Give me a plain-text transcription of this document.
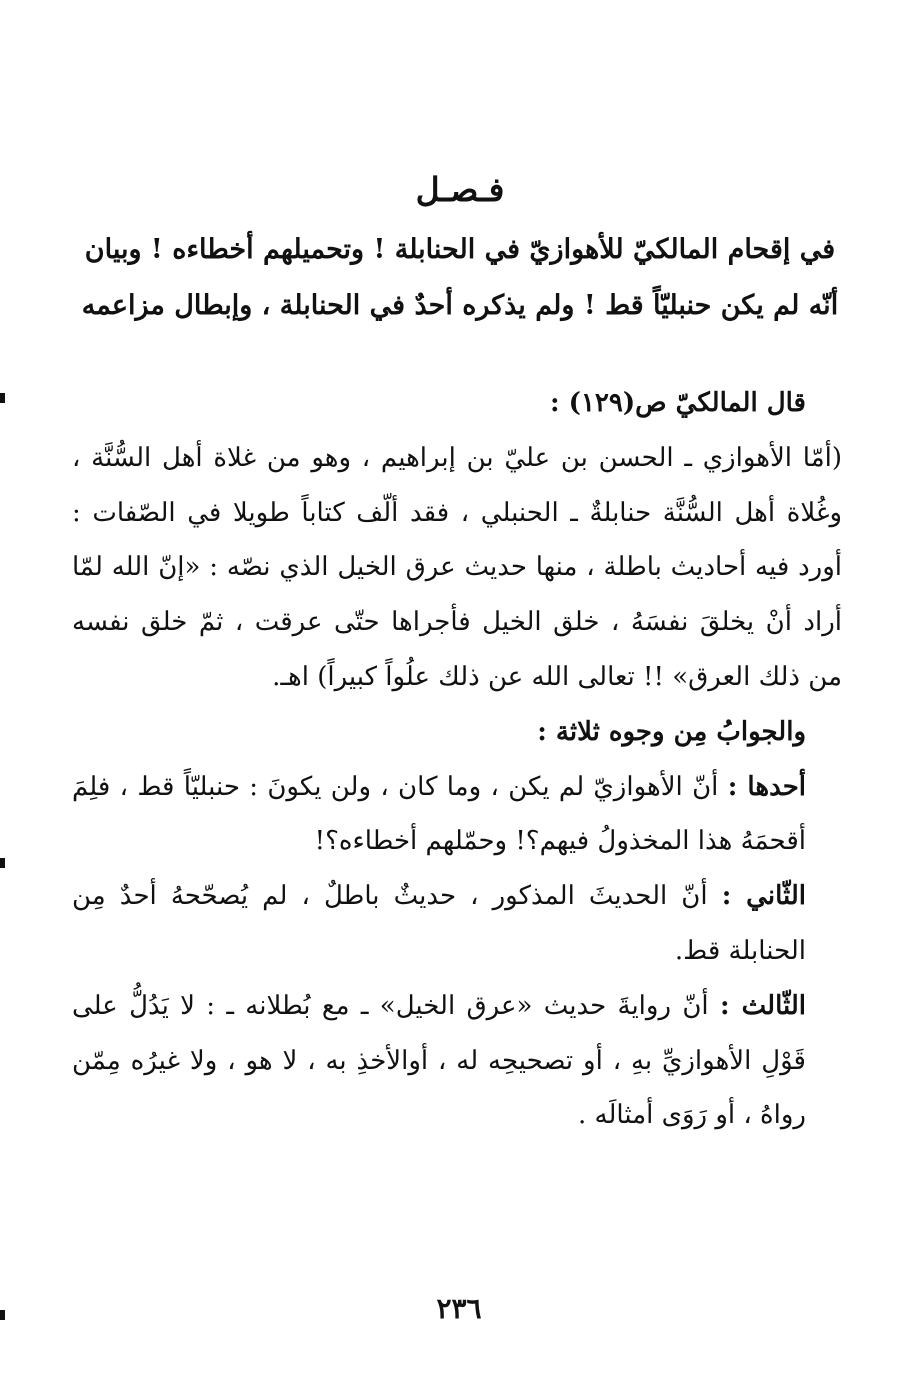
فـصـل
في إقحام المالكيّ للأهوازيّ في الحنابلة ! وتحميلهم أخطاءه ! وبيان أنّه لم يكن حنبليّاً قط ! ولم يذكره أحدٌ في الحنابلة ، وإبطال مزاعمه

قال المالكيّ ص(١٢٩) :

(أمّا الأهوازي ـ الحسن بن عليّ بن إبراهيم ، وهو من غلاة أهل السُّنَّة ، وغُلاة أهل السُّنَّة حنابلةٌ ـ الحنبلي ، فقد ألّف كتاباً طويلا في الصّفات : أورد فيه أحاديث باطلة ، منها حديث عرق الخيل الذي نصّه : «إنّ الله لمّا أراد أنْ يخلقَ نفسَهُ ، خلق الخيل فأجراها حتّى عرقت ، ثمّ خلق نفسه من ذلك العرق» !! تعالى الله عن ذلك علُواً كبيراً) اهـ.

والجوابُ مِن وجوه ثلاثة :

أحدها : أنّ الأهوازيّ لم يكن ، وما كان ، ولن يكونَ : حنبليّاً قط ، فلِمَ أقحمَهُ هذا المخذولُ فيهم؟! وحمّلهم أخطاءه؟!

الثّاني : أنّ الحديثَ المذكور ، حديثٌ باطلٌ ، لم يُصحّحهُ أحدٌ مِن الحنابلة قط.

الثّالث : أنّ روايةَ حديث «عرق الخيل» ـ مع بُطلانه ـ : لا يَدُلُّ على قَوْلِ الأهوازيِّ بهِ ، أو تصحيحِه له ، أوالأخذِ به ، لا هو ، ولا غيرُه مِمّن رواهُ ، أو رَوَى أمثالَه .

٢٣٦
